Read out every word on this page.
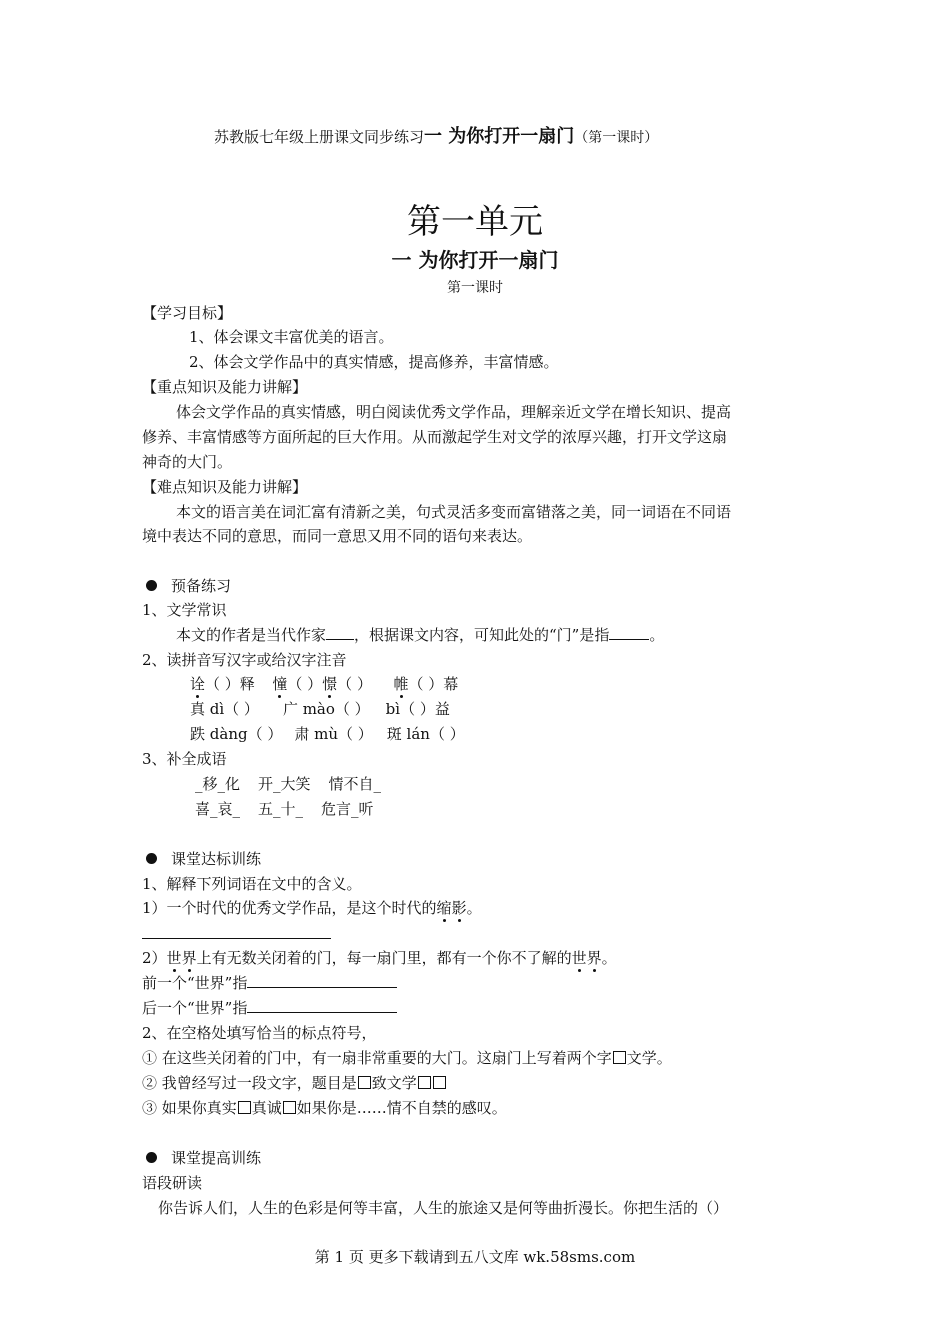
苏教版七年级上册课文同步练习一 为你打开一扇门（第一课时）
第一单元
一 为你打开一扇门
第一课时
【学习目标】
1、体会课文丰富优美的语言。
2、体会文学作品中的真实情感，提高修养，丰富情感。
【重点知识及能力讲解】
体会文学作品的真实情感，明白阅读优秀文学作品，理解亲近文学在增长知识、提高
修养、丰富情感等方面所起的巨大作用。从而激起学生对文学的浓厚兴趣，打开文学这扇
神奇的大门。
【难点知识及能力讲解】
本文的语言美在词汇富有清新之美，句式灵活多变而富错落之美，同一词语在不同语
境中表达不同的意思，而同一意思又用不同的语句来表达。
预备练习
1、文学常识
本文的作者是当代作家 ，根据课文内容，可知此处的“门”是指	。
2、读拼音写汉字或给汉字注音
诠（ ）释 憧（ ）憬（ ） 帷（ ）幕
真 dì（ ） 广 mào（ ） bì（ ）益
跌 dàng（ ） 肃 mù（ ） 斑 lán（ ）
3、补全成语
_移_化 开_大笑 情不自_
喜_哀_ 五_十_ 危言_听
课堂达标训练
1、解释下列词语在文中的含义。
1）一个时代的优秀文学作品，是这个时代的缩影。
2）世界上有无数关闭着的门，每一扇门里，都有一个你不了解的世界。
前一个“世界”指
后一个“世界”指
2、在空格处填写恰当的标点符号，
① 在这些关闭着的门中，有一扇非常重要的大门。这扇门上写着两个字 文学。
② 我曾经写过一段文字，题目是 致文学
③ 如果你真实 真诚 如果你是……情不自禁的感叹。
课堂提高训练
语段研读
你告诉人们，人生的色彩是何等丰富，人生的旅途又是何等曲折漫长。你把生活的（）
第 1 页 更多下载请到五八文库 wk.58sms.com
